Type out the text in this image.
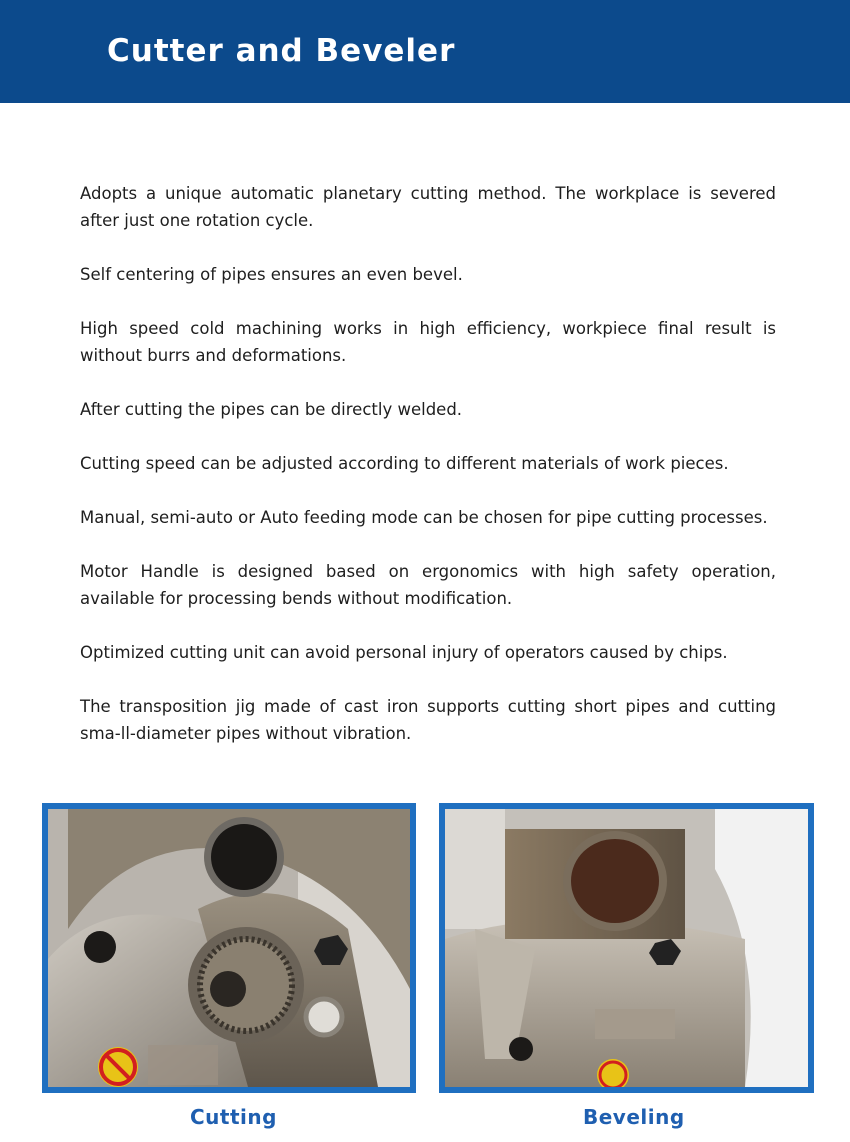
Cutter and Beveler
Adopts a unique automatic planetary cutting method. The workplace is severed after just one rotation cycle.
Self centering of pipes ensures an even bevel.
High speed cold machining works in high efficiency, workpiece final result is without burrs and deformations.
After cutting the pipes can be directly welded.
Cutting speed can be adjusted according to different materials of work pieces.
Manual, semi-auto or Auto feeding mode can be chosen for pipe cutting processes.
Motor Handle is designed based on ergonomics with high safety operation, available for processing bends without modification.
Optimized cutting unit can avoid personal injury of operators caused by chips.
The transposition jig made of cast iron supports cutting short pipes and cutting sma-ll-diameter pipes without vibration.
Cutting	Beveling
